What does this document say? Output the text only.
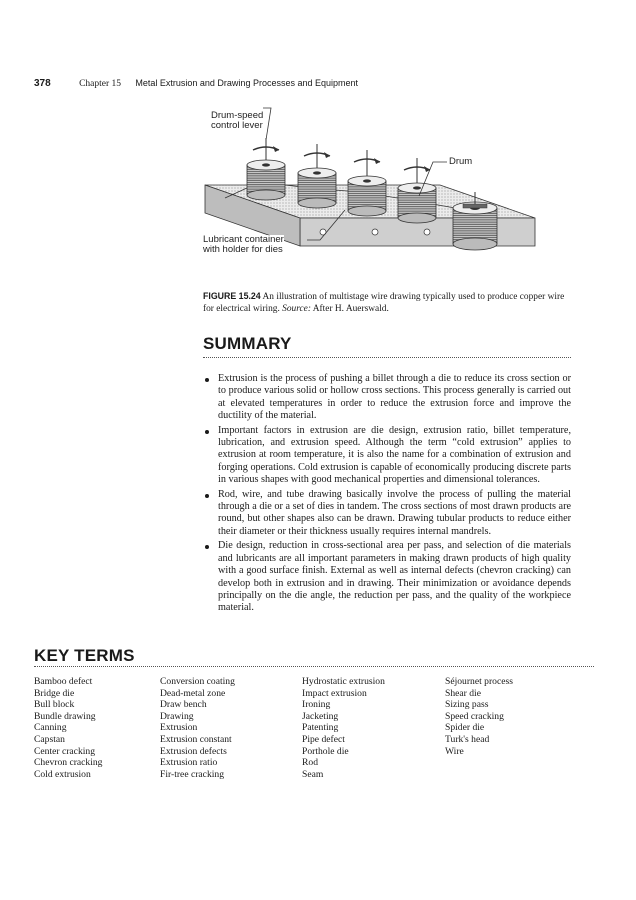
378	Chapter 15 Metal Extrusion and Drawing Processes and Equipment
Drum-speed
control lever
Drum
Lubricant container
with holder for dies
FIGURE 15.24 An illustration of multistage wire drawing typically used to produce copper wire for electrical wiring. Source: After H. Auerswald.
SUMMARY
Extrusion is the process of pushing a billet through a die to reduce its cross section or to produce various solid or hollow cross sections. This process generally is carried out at elevated temperatures in order to reduce the extrusion force and improve the ductility of the material.
Important factors in extrusion are die design, extrusion ratio, billet temperature, lubrication, and extrusion speed. Although the term “cold extrusion” applies to extrusion at room temperature, it is also the name for a combination of extrusion and forging operations. Cold extrusion is capable of economically producing discrete parts in various shapes with good mechanical properties and dimensional tolerances.
Rod, wire, and tube drawing basically involve the process of pulling the material through a die or a set of dies in tandem. The cross sections of most drawn products are round, but other shapes also can be drawn. Drawing tubular products to reduce either their diameter or their thickness usually requires internal mandrels.
Die design, reduction in cross-sectional area per pass, and selection of die materials and lubricants are all important parameters in making drawn products of high quality with a good surface finish. External as well as internal defects (chevron cracking) can develop both in extrusion and in drawing. Their minimization or avoidance depends principally on the die angle, the reduction per pass, and the quality of the workpiece material.
KEY TERMS
Bamboo defect
Bridge die
Bull block
Bundle drawing
Canning
Capstan
Center cracking
Chevron cracking
Cold extrusion
Conversion coating
Dead-metal zone
Draw bench
Drawing
Extrusion
Extrusion constant
Extrusion defects
Extrusion ratio
Fir-tree cracking
Hydrostatic extrusion
Impact extrusion
Ironing
Jacketing
Patenting
Pipe defect
Porthole die
Rod
Seam
Séjournet process
Shear die
Sizing pass
Speed cracking
Spider die
Turk's head
Wire
